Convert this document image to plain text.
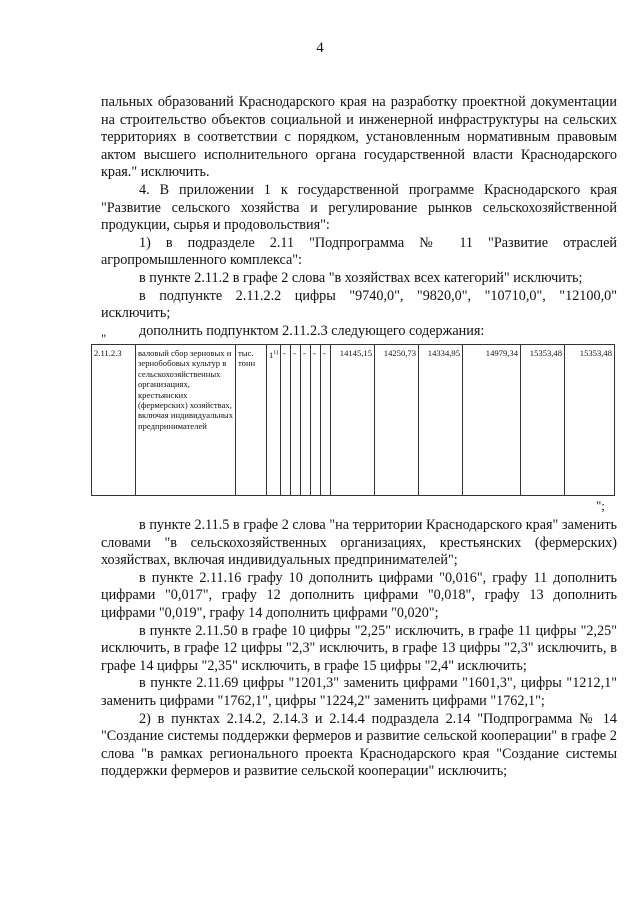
4

пальных образований Краснодарского края на разработку проектной документации на строительство объектов социальной и инженерной инфраструктуры на сельских территориях в соответствии с порядком, установленным нормативным правовым актом высшего исполнительного органа государственной власти Краснодарского края." исключить.

4. В приложении 1 к государственной программе Краснодарского края "Развитие сельского хозяйства и регулирование рынков сельскохозяйственной продукции, сырья и продовольствия":

1) в подразделе 2.11 "Подпрограмма № 11 "Развитие отраслей агропромышленного комплекса":

в пункте 2.11.2 в графе 2 слова "в хозяйствах всех категорий" исключить;

в подпункте 2.11.2.2 цифры "9740,0", "9820,0", "10710,0", "12100,0" исключить;

дополнить подпунктом 2.11.2.3 следующего содержания:

"
2.11.2.3	валовый сбор зерновых и зернобобовых культур в сельскохозяйственных организациях, крестьянских (фермерских) хозяйствах, включая индивидуальных предпринимателей	тыс. тонн	1$^{1)}$	-	-	-	-	-	14145,15	14250,73	14334,95	14979,34	15353,48	15353,48
";

в пункте 2.11.5 в графе 2 слова "на территории Краснодарского края" заменить словами "в сельскохозяйственных организациях, крестьянских (фермерских) хозяйствах, включая индивидуальных предпринимателей";

в пункте 2.11.16 графу 10 дополнить цифрами "0,016", графу 11 дополнить цифрами "0,017", графу 12 дополнить цифрами "0,018", графу 13 дополнить цифрами "0,019", графу 14 дополнить цифрами "0,020";

в пункте 2.11.50 в графе 10 цифры "2,25" исключить, в графе 11 цифры "2,25" исключить, в графе 12 цифры "2,3" исключить, в графе 13 цифры "2,3" исключить, в графе 14 цифры "2,35" исключить, в графе 15 цифры "2,4" исключить;

в пункте 2.11.69 цифры "1201,3" заменить цифрами "1601,3", цифры "1212,1" заменить цифрами "1762,1", цифры "1224,2" заменить цифрами "1762,1";

2) в пунктах 2.14.2, 2.14.3 и 2.14.4 подраздела 2.14 "Подпрограмма № 14 "Создание системы поддержки фермеров и развитие сельской кооперации" в графе 2 слова "в рамках регионального проекта Краснодарского края "Создание системы поддержки фермеров и развитие сельской кооперации" исключить;
